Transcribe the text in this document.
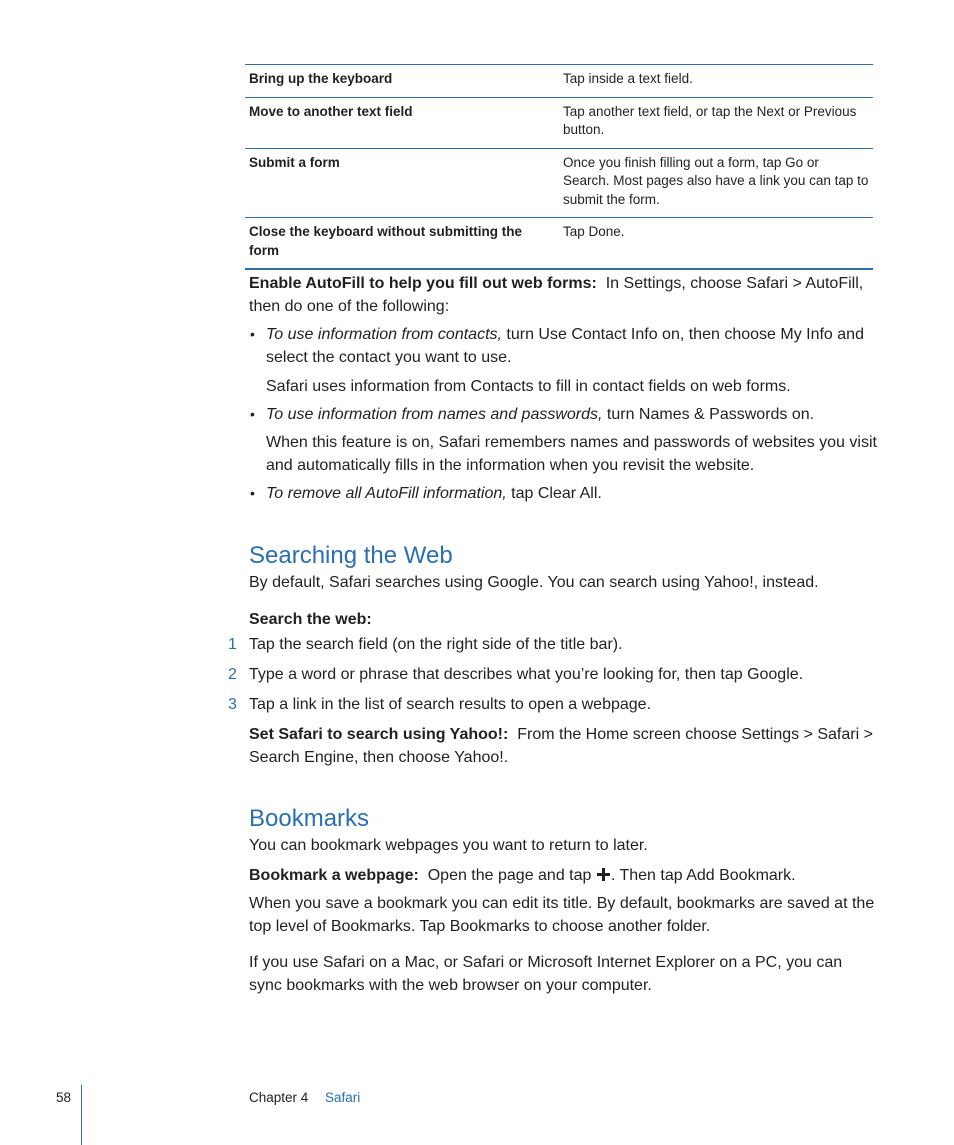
Bring up the keyboard	Tap inside a text field.
Move to another text field	Tap another text field, or tap the Next or Previous button.
Submit a form	Once you finish filling out a form, tap Go or Search. Most pages also have a link you can tap to submit the form.
Close the keyboard without submitting the form	Tap Done.

Enable AutoFill to help you fill out web forms: In Settings, choose Safari > AutoFill, then do one of the following:

• To use information from contacts, turn Use Contact Info on, then choose My Info and select the contact you want to use.

Safari uses information from Contacts to fill in contact fields on web forms.

• To use information from names and passwords, turn Names & Passwords on.

When this feature is on, Safari remembers names and passwords of websites you visit and automatically fills in the information when you revisit the website.

• To remove all AutoFill information, tap Clear All.

Searching the Web

By default, Safari searches using Google. You can search using Yahoo!, instead.

Search the web:

1 Tap the search field (on the right side of the title bar).

2 Type a word or phrase that describes what you’re looking for, then tap Google.

3 Tap a link in the list of search results to open a webpage.

Set Safari to search using Yahoo!: From the Home screen choose Settings > Safari > Search Engine, then choose Yahoo!.

Bookmarks

You can bookmark webpages you want to return to later.

Bookmark a webpage: Open the page and tap . Then tap Add Bookmark.

When you save a bookmark you can edit its title. By default, bookmarks are saved at the top level of Bookmarks. Tap Bookmarks to choose another folder.

If you use Safari on a Mac, or Safari or Microsoft Internet Explorer on a PC, you can sync bookmarks with the web browser on your computer.

58	Chapter 4 Safari
